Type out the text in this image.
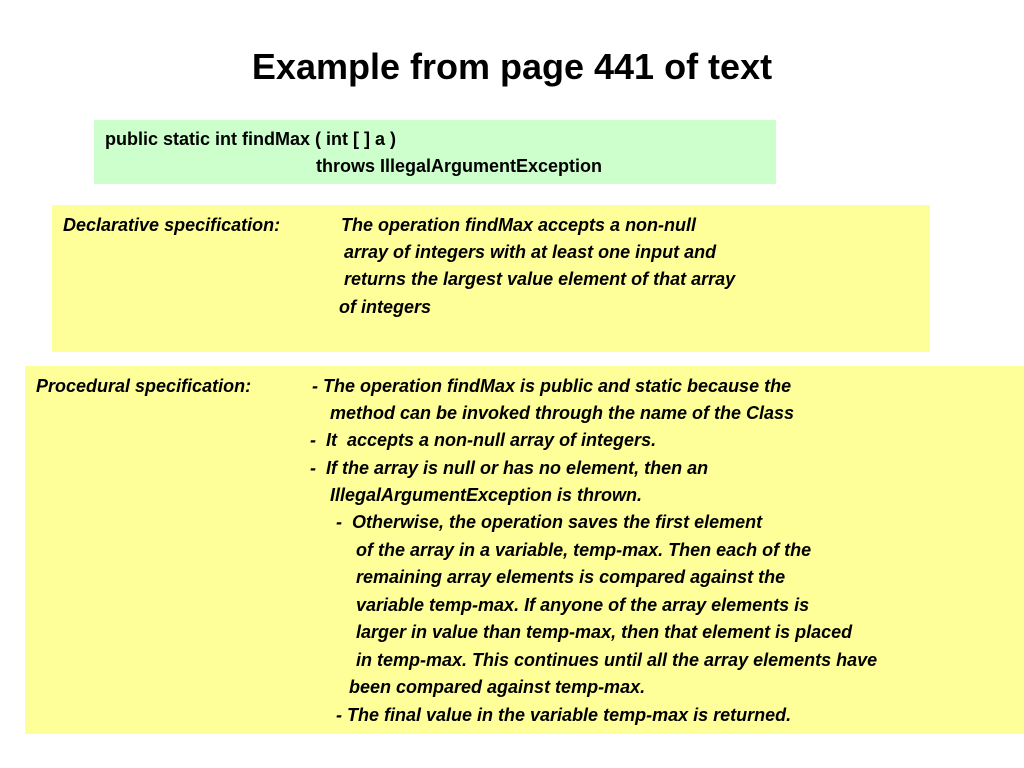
Example from page 441 of text
public static int findMax ( int [ ] a )
throws IllegalArgumentException
Declarative specification:	The operation findMax accepts a non-null
array of integers with at least one input and
returns the largest value element of that array
of integers
Procedural specification:	- The operation findMax is public and static because the
method can be invoked through the name of the Class
-  It  accepts a non-null array of integers.
-  If the array is null or has no element, then an
IllegalArgumentException is thrown.
-  Otherwise, the operation saves the first element
of the array in a variable, temp-max. Then each of the
remaining array elements is compared against the
variable temp-max. If anyone of the array elements is
larger in value than temp-max, then that element is placed
in temp-max. This continues until all the array elements have
been compared against temp-max.
- The final value in the variable temp-max is returned.
